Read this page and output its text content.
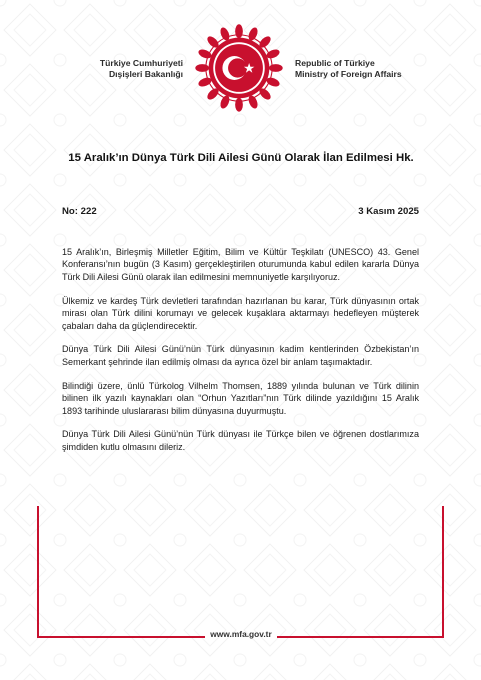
Türkiye Cumhuriyeti
Dışişleri Bakanlığı
Republic of Türkiye
Ministry of Foreign Affairs
15 Aralık’ın Dünya Türk Dili Ailesi Günü Olarak İlan Edilmesi Hk.
No: 222	3 Kasım 2025

15 Aralık’ın, Birleşmiş Milletler Eğitim, Bilim ve Kültür Teşkilatı (UNESCO) 43. Genel Konferansı’nın bugün (3 Kasım) gerçekleştirilen oturumunda kabul edilen kararla Dünya Türk Dili Ailesi Günü olarak ilan edilmesini memnuniyetle karşılıyoruz.

Ülkemiz ve kardeş Türk devletleri tarafından hazırlanan bu karar, Türk dünyasının ortak mirası olan Türk dilini korumayı ve gelecek kuşaklara aktarmayı hedefleyen müşterek çabaları daha da güçlendirecektir.

Dünya Türk Dili Ailesi Günü’nün Türk dünyasının kadim kentlerinden Özbekistan’ın Semerkant şehrinde ilan edilmiş olması da ayrıca özel bir anlam taşımaktadır.

Bilindiği üzere, ünlü Türkolog Vilhelm Thomsen, 1889 yılında bulunan ve Türk dilinin bilinen ilk yazılı kaynakları olan “Orhun Yazıtları”nın Türk dilinde yazıldığını 15 Aralık 1893 tarihinde uluslararası bilim dünyasına duyurmuştu.

Dünya Türk Dili Ailesi Günü’nün Türk dünyası ile Türkçe bilen ve öğrenen dostlarımıza şimdiden kutlu olmasını dileriz.

www.mfa.gov.tr
